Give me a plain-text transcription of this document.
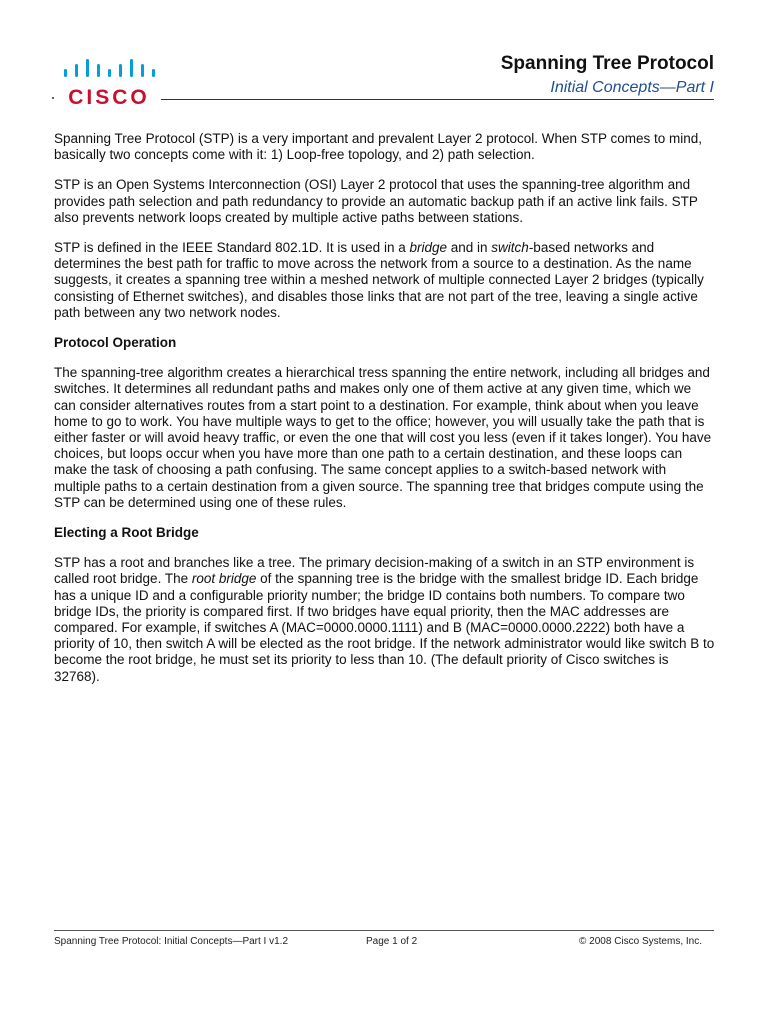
CISCO
Spanning Tree Protocol
Initial Concepts—Part I

Spanning Tree Protocol (STP) is a very important and prevalent Layer 2 protocol. When STP comes to mind, basically two concepts come with it: 1) Loop-free topology, and 2) path selection.

STP is an Open Systems Interconnection (OSI) Layer 2 protocol that uses the spanning-tree algorithm and provides path selection and path redundancy to provide an automatic backup path if an active link fails. STP also prevents network loops created by multiple active paths between stations.

STP is defined in the IEEE Standard 802.1D. It is used in a bridge and in switch-based networks and determines the best path for traffic to move across the network from a source to a destination. As the name suggests, it creates a spanning tree within a meshed network of multiple connected Layer 2 bridges (typically consisting of Ethernet switches), and disables those links that are not part of the tree, leaving a single active path between any two network nodes.

Protocol Operation

The spanning-tree algorithm creates a hierarchical tress spanning the entire network, including all bridges and switches. It determines all redundant paths and makes only one of them active at any given time, which we can consider alternatives routes from a start point to a destination. For example, think about when you leave home to go to work. You have multiple ways to get to the office; however, you will usually take the path that is either faster or will avoid heavy traffic, or even the one that will cost you less (even if it takes longer). You have choices, but loops occur when you have more than one path to a certain destination, and these loops can make the task of choosing a path confusing. The same concept applies to a switch-based network with multiple paths to a certain destination from a given source. The spanning tree that bridges compute using the STP can be determined using one of these rules.

Electing a Root Bridge

STP has a root and branches like a tree. The primary decision-making of a switch in an STP environment is called root bridge. The root bridge of the spanning tree is the bridge with the smallest bridge ID. Each bridge has a unique ID and a configurable priority number; the bridge ID contains both numbers. To compare two bridge IDs, the priority is compared first. If two bridges have equal priority, then the MAC addresses are compared. For example, if switches A (MAC=0000.0000.1111) and B (MAC=0000.0000.2222) both have a priority of 10, then switch A will be elected as the root bridge. If the network administrator would like switch B to become the root bridge, he must set its priority to less than 10. (The default priority of Cisco switches is 32768).

Spanning Tree Protocol: Initial Concepts—Part I v1.2	Page 1 of 2	© 2008 Cisco Systems, Inc.
